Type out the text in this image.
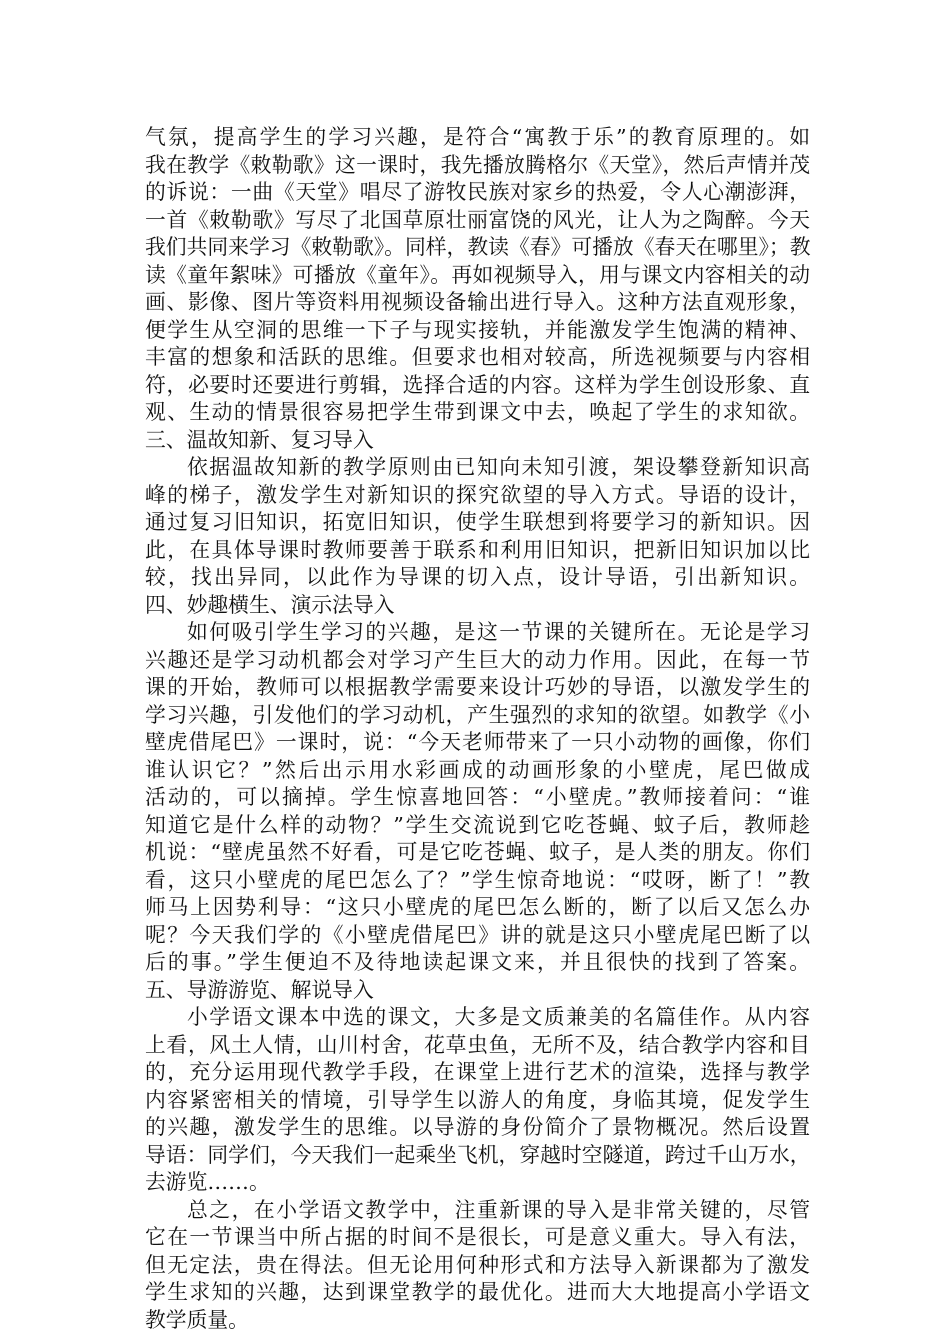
气氛，提高学生的学习兴趣，是符合“寓教于乐”的教育原理的。如
我在教学《敕勒歌》这一课时，我先播放腾格尔《天堂》，然后声情并茂
的诉说：一曲《天堂》唱尽了游牧民族对家乡的热爱，令人心潮澎湃，
一首《敕勒歌》写尽了北国草原壮丽富饶的风光，让人为之陶醉。今天
我们共同来学习《敕勒歌》。同样，教读《春》可播放《春天在哪里》；教
读《童年絮味》可播放《童年》。再如视频导入，用与课文内容相关的动
画、影像、图片等资料用视频设备输出进行导入。这种方法直观形象，
便学生从空洞的思维一下子与现实接轨，并能激发学生饱满的精神、
丰富的想象和活跃的思维。但要求也相对较高，所选视频要与内容相
符，必要时还要进行剪辑，选择合适的内容。这样为学生创设形象、直
观、生动的情景很容易把学生带到课文中去，唤起了学生的求知欲。
三、温故知新、复习导入
依据温故知新的教学原则由已知向未知引渡，架设攀登新知识高
峰的梯子，激发学生对新知识的探究欲望的导入方式。导语的设计，
通过复习旧知识，拓宽旧知识，使学生联想到将要学习的新知识。因
此，在具体导课时教师要善于联系和利用旧知识，把新旧知识加以比
较，找出异同，以此作为导课的切入点，设计导语，引出新知识。
四、妙趣横生、演示法导入
如何吸引学生学习的兴趣，是这一节课的关键所在。无论是学习
兴趣还是学习动机都会对学习产生巨大的动力作用。因此，在每一节
课的开始，教师可以根据教学需要来设计巧妙的导语，以激发学生的
学习兴趣，引发他们的学习动机，产生强烈的求知的欲望。如教学《小
壁虎借尾巴》一课时，说：“今天老师带来了一只小动物的画像，你们
谁认识它？”然后出示用水彩画成的动画形象的小壁虎，尾巴做成
活动的，可以摘掉。学生惊喜地回答：“小壁虎。”教师接着问：“谁
知道它是什么样的动物？”学生交流说到它吃苍蝇、蚊子后，教师趁
机说：“壁虎虽然不好看，可是它吃苍蝇、蚊子，是人类的朋友。你们
看，这只小壁虎的尾巴怎么了？”学生惊奇地说：“哎呀，断了！”教
师马上因势利导：“这只小壁虎的尾巴怎么断的，断了以后又怎么办
呢？今天我们学的《小壁虎借尾巴》讲的就是这只小壁虎尾巴断了以
后的事。”学生便迫不及待地读起课文来，并且很快的找到了答案。
五、导游游览、解说导入
小学语文课本中选的课文，大多是文质兼美的名篇佳作。从内容
上看，风土人情，山川村舍，花草虫鱼，无所不及，结合教学内容和目
的，充分运用现代教学手段，在课堂上进行艺术的渲染，选择与教学
内容紧密相关的情境，引导学生以游人的角度，身临其境，促发学生
的兴趣，激发学生的思维。以导游的身份简介了景物概况。然后设置
导语：同学们，今天我们一起乘坐飞机，穿越时空隧道，跨过千山万水，
去游览……。
总之，在小学语文教学中，注重新课的导入是非常关键的，尽管
它在一节课当中所占据的时间不是很长，可是意义重大。导入有法，
但无定法，贵在得法。但无论用何种形式和方法导入新课都为了激发
学生求知的兴趣，达到课堂教学的最优化。进而大大地提高小学语文
教学质量。
